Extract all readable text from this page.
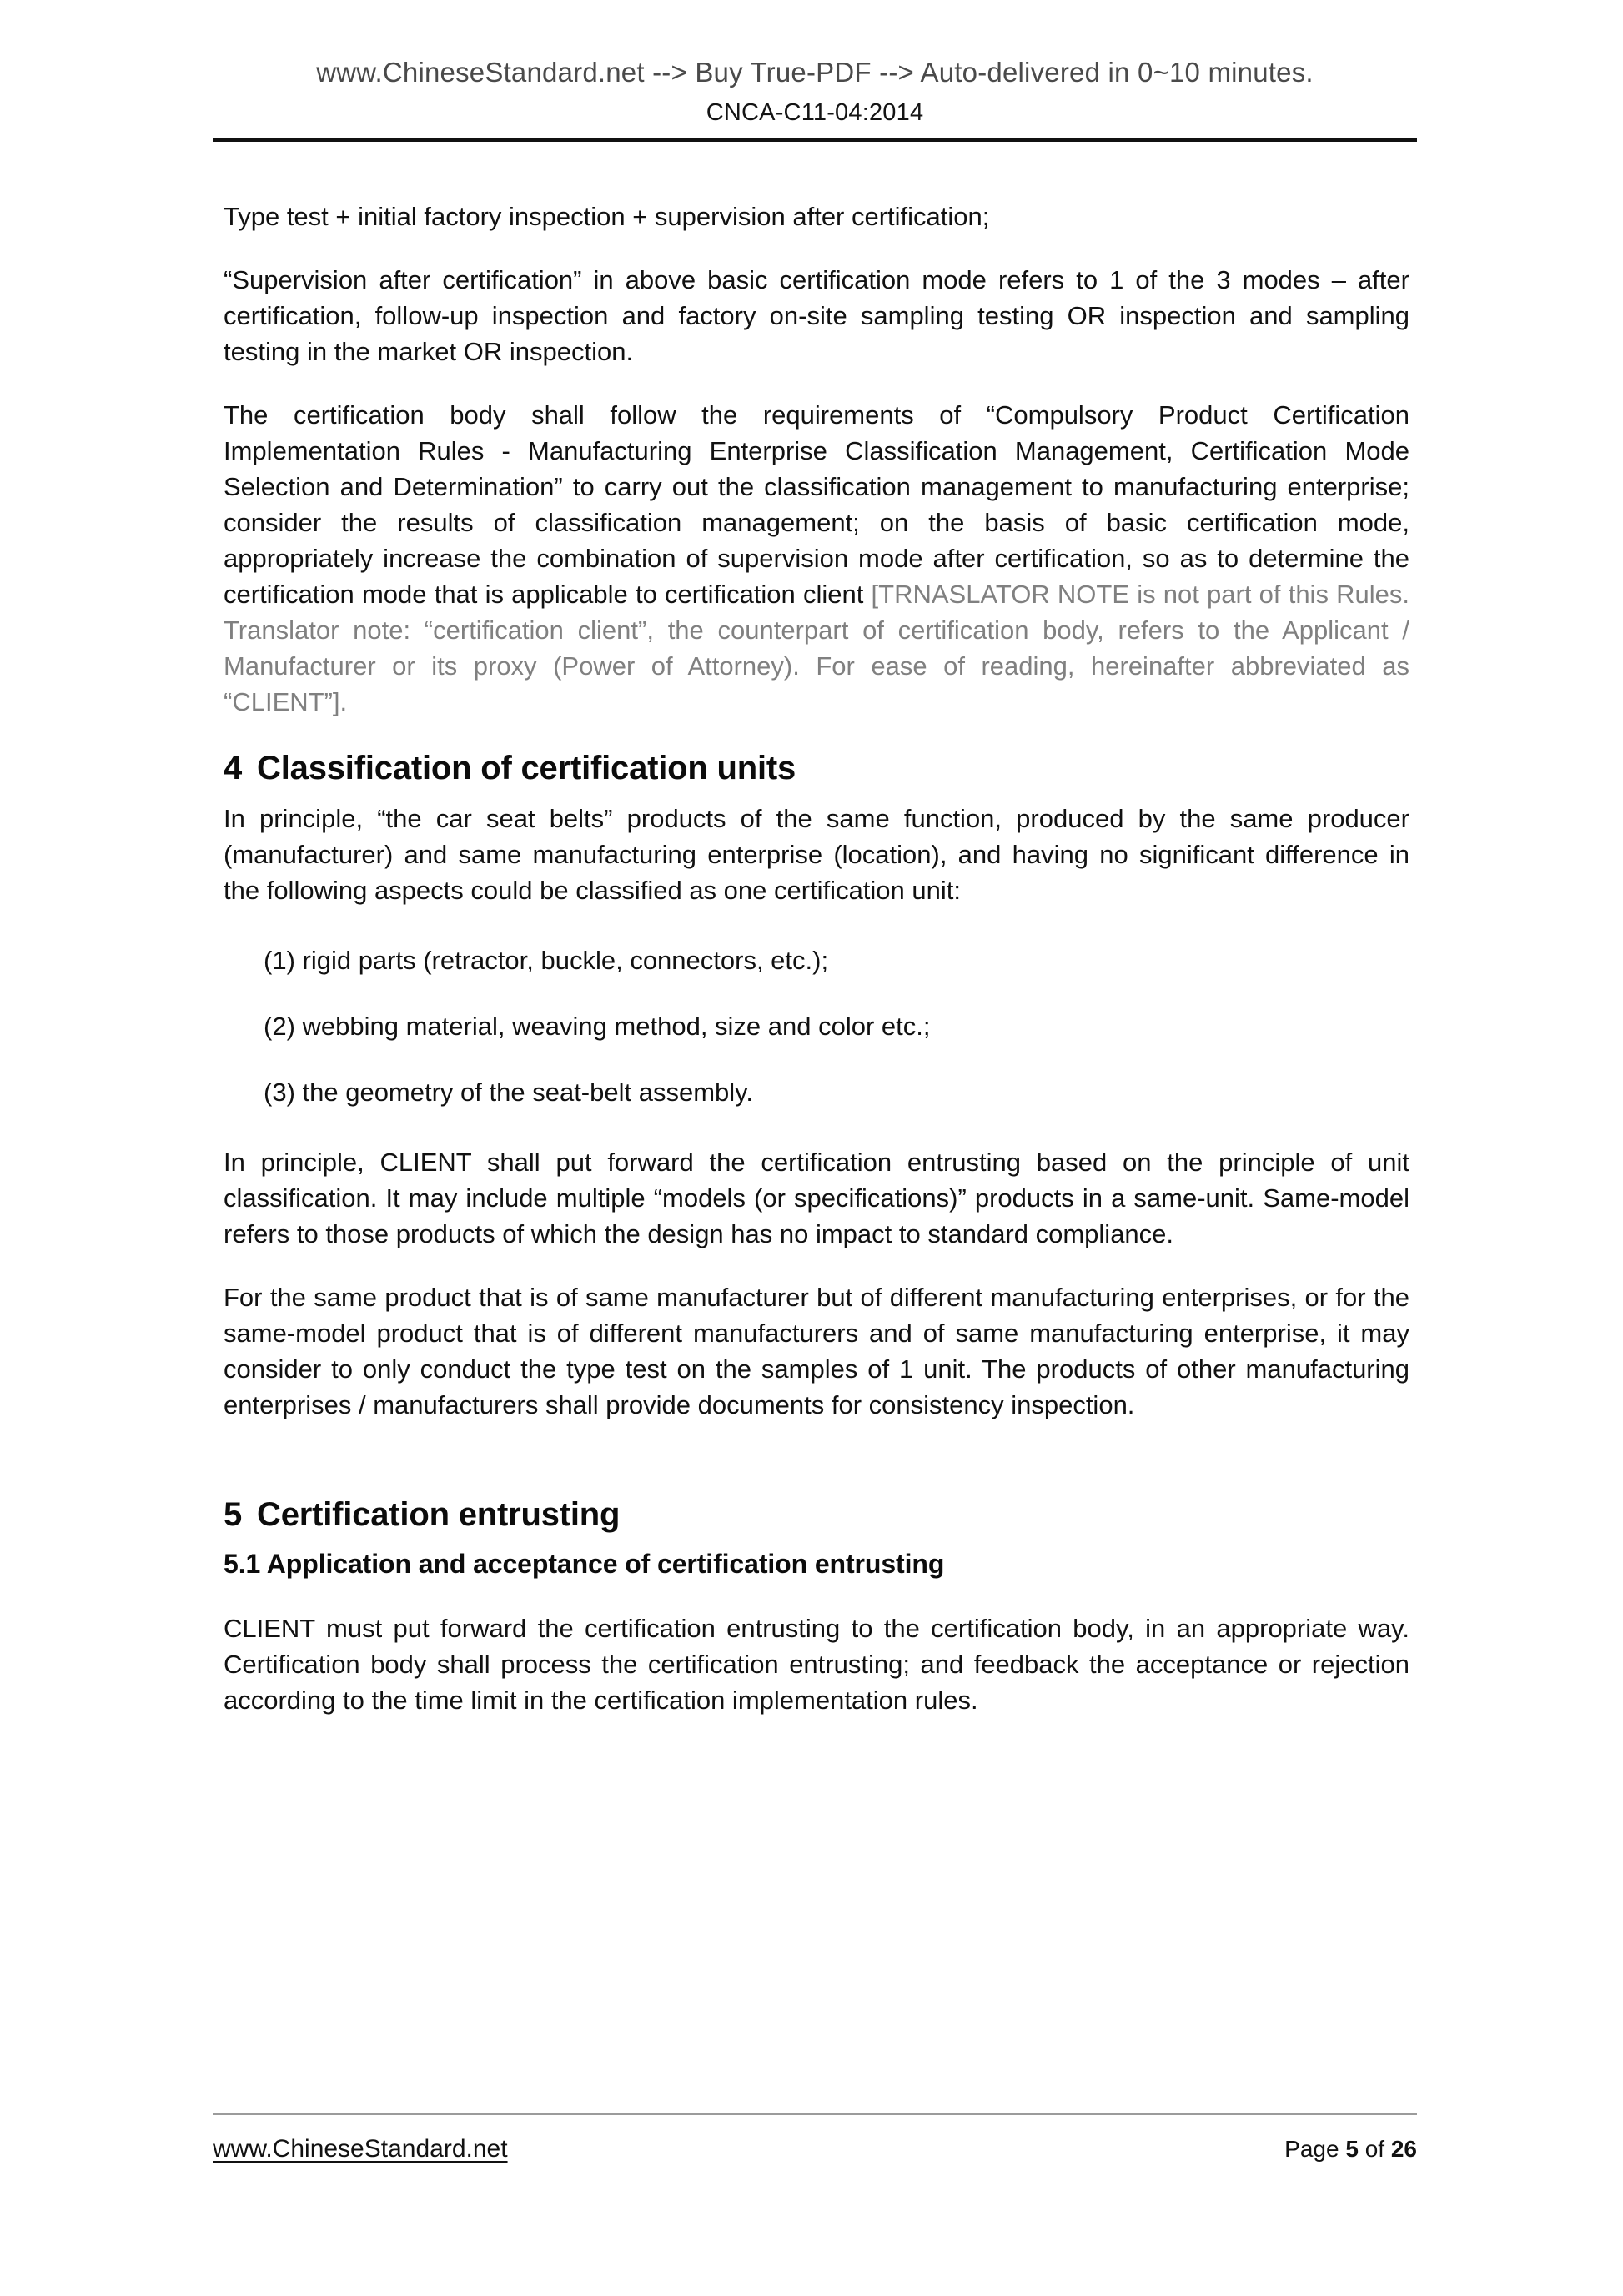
www.ChineseStandard.net --> Buy True-PDF --> Auto-delivered in 0~10 minutes.
CNCA-C11-04:2014

Type test + initial factory inspection + supervision after certification;

“Supervision after certification” in above basic certification mode refers to 1 of the 3 modes – after certification, follow-up inspection and factory on-site sampling testing OR inspection and sampling testing in the market OR inspection.

The certification body shall follow the requirements of “Compulsory Product Certification Implementation Rules - Manufacturing Enterprise Classification Management, Certification Mode Selection and Determination” to carry out the classification management to manufacturing enterprise; consider the results of classification management; on the basis of basic certification mode, appropriately increase the combination of supervision mode after certification, so as to determine the certification mode that is applicable to certification client [TRNASLATOR NOTE is not part of this Rules. Translator note: “certification client”, the counterpart of certification body, refers to the Applicant / Manufacturer or its proxy (Power of Attorney). For ease of reading, hereinafter abbreviated as “CLIENT”].

4 Classification of certification units

In principle, “the car seat belts” products of the same function, produced by the same producer (manufacturer) and same manufacturing enterprise (location), and having no significant difference in the following aspects could be classified as one certification unit:

(1) rigid parts (retractor, buckle, connectors, etc.);
(2) webbing material, weaving method, size and color etc.;
(3) the geometry of the seat-belt assembly.

In principle, CLIENT shall put forward the certification entrusting based on the principle of unit classification. It may include multiple “models (or specifications)” products in a same-unit. Same-model refers to those products of which the design has no impact to standard compliance.

For the same product that is of same manufacturer but of different manufacturing enterprises, or for the same-model product that is of different manufacturers and of same manufacturing enterprise, it may consider to only conduct the type test on the samples of 1 unit. The products of other manufacturing enterprises / manufacturers shall provide documents for consistency inspection.

5 Certification entrusting
5.1 Application and acceptance of certification entrusting

CLIENT must put forward the certification entrusting to the certification body, in an appropriate way. Certification body shall process the certification entrusting; and feedback the acceptance or rejection according to the time limit in the certification implementation rules.

www.ChineseStandard.net	Page 5 of 26
